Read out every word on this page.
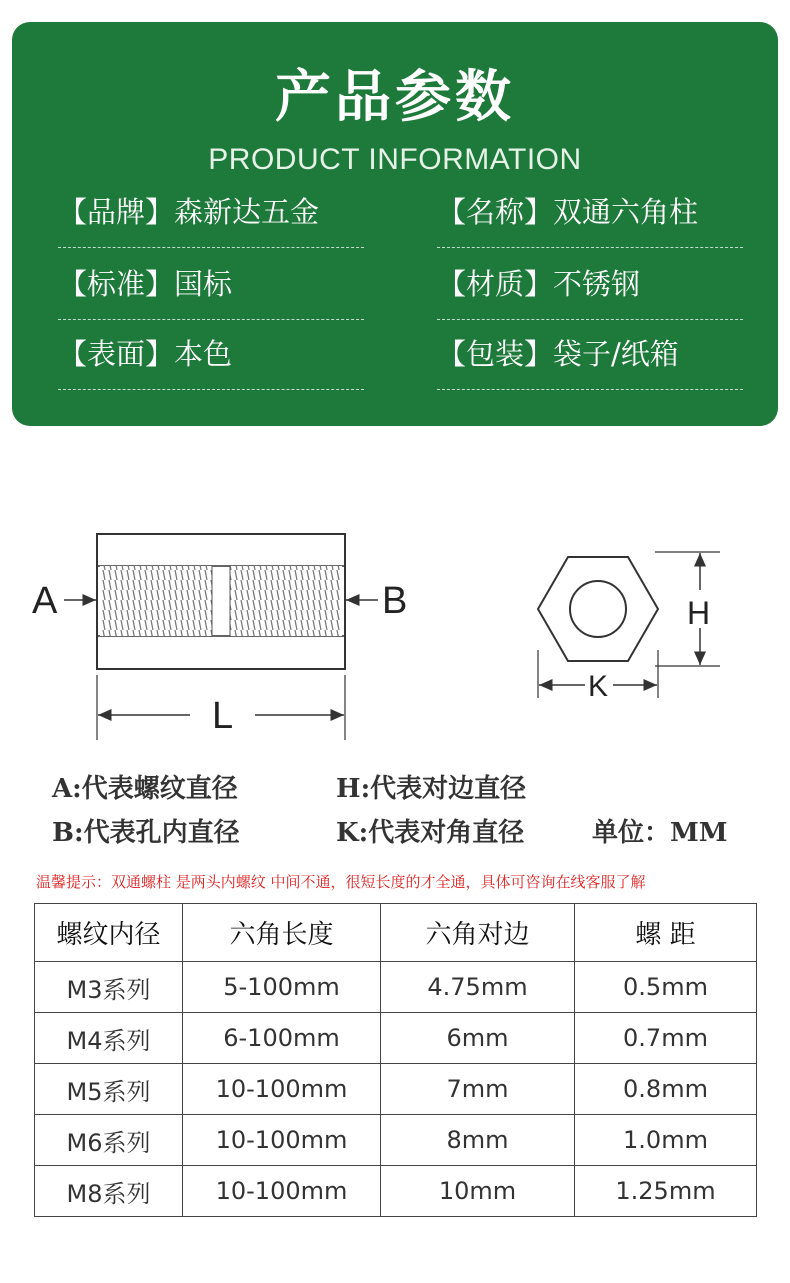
产品参数
PRODUCT INFORMATION
【品牌】森新达五金	【名称】双通六角柱
【标准】国标	【材质】不锈钢
【表面】本色	【包装】袋子/纸箱
A	B
L
H
K
A:代表螺纹直径	H:代表对边直径
B:代表孔内直径	K:代表对角直径	单位：MM
温馨提示：双通螺柱 是两头内螺纹 中间不通，很短长度的才全通，具体可咨询在线客服了解
螺纹内径	六角长度	六角对边	螺 距
M3系列	5-100mm	4.75mm	0.5mm
M4系列	6-100mm	6mm	0.7mm
M5系列	10-100mm	7mm	0.8mm
M6系列	10-100mm	8mm	1.0mm
M8系列	10-100mm	10mm	1.25mm
